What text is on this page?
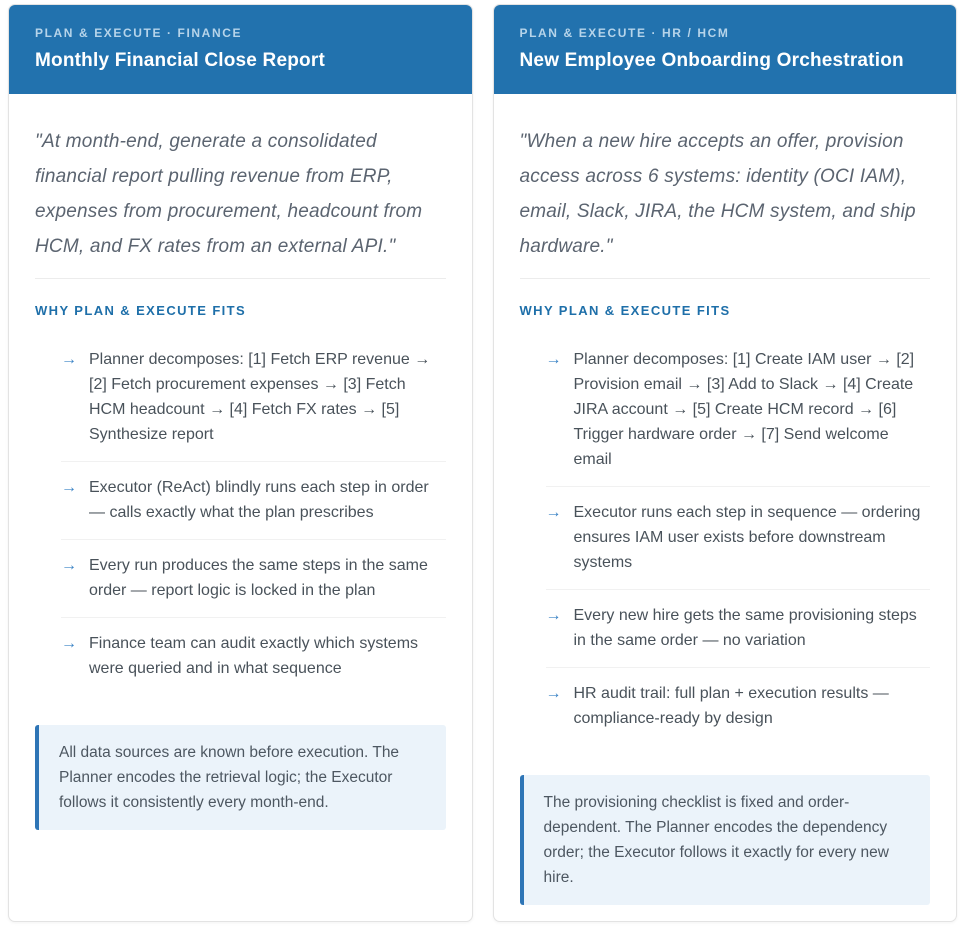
PLAN & EXECUTE · FINANCE
Monthly Financial Close Report

"At month-end, generate a consolidated financial report pulling revenue from ERP, expenses from procurement, headcount from HCM, and FX rates from an external API."

WHY PLAN & EXECUTE FITS
→ Planner decomposes: [1] Fetch ERP revenue → [2] Fetch procurement expenses → [3] Fetch HCM headcount → [4] Fetch FX rates → [5] Synthesize report
→ Executor (ReAct) blindly runs each step in order — calls exactly what the plan prescribes
→ Every run produces the same steps in the same order — report logic is locked in the plan
→ Finance team can audit exactly which systems were queried and in what sequence
All data sources are known before execution. The Planner encodes the retrieval logic; the Executor follows it consistently every month-end.
PLAN & EXECUTE · HR / HCM
New Employee Onboarding Orchestration

"When a new hire accepts an offer, provision access across 6 systems: identity (OCI IAM), email, Slack, JIRA, the HCM system, and ship hardware."

WHY PLAN & EXECUTE FITS
→ Planner decomposes: [1] Create IAM user → [2] Provision email → [3] Add to Slack → [4] Create JIRA account → [5] Create HCM record → [6] Trigger hardware order → [7] Send welcome email
→ Executor runs each step in sequence — ordering ensures IAM user exists before downstream systems
→ Every new hire gets the same provisioning steps in the same order — no variation
→ HR audit trail: full plan + execution results — compliance-ready by design
The provisioning checklist is fixed and order-dependent. The Planner encodes the dependency order; the Executor follows it exactly for every new hire.
